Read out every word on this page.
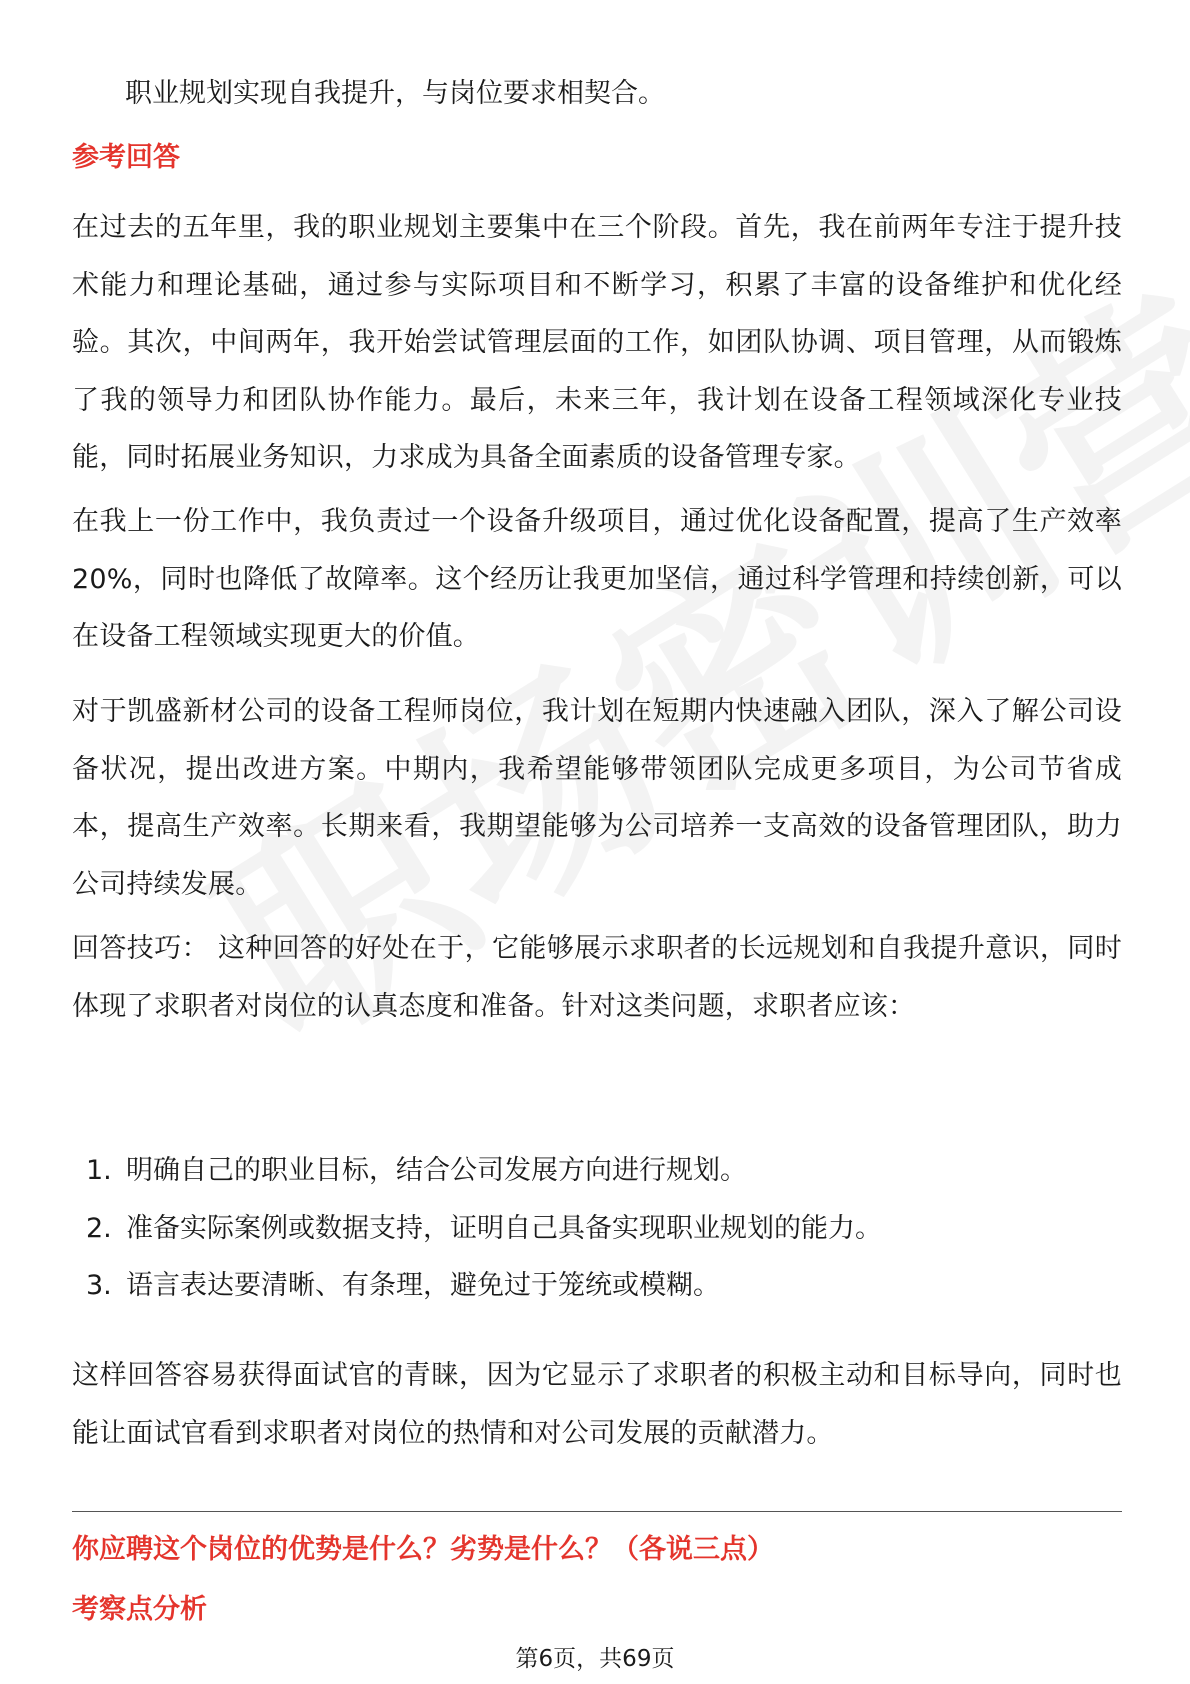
职业规划实现自我提升，与岗位要求相契合。
参考回答
在过去的五年里，我的职业规划主要集中在三个阶段。首先，我在前两年专注于提升技术能力和理论基础，通过参与实际项目和不断学习，积累了丰富的设备维护和优化经验。其次，中间两年，我开始尝试管理层面的工作，如团队协调、项目管理，从而锻炼了我的领导力和团队协作能力。最后，未来三年，我计划在设备工程领域深化专业技能，同时拓展业务知识，力求成为具备全面素质的设备管理专家。
在我上一份工作中，我负责过一个设备升级项目，通过优化设备配置，提高了生产效率20%，同时也降低了故障率。这个经历让我更加坚信，通过科学管理和持续创新，可以在设备工程领域实现更大的价值。
对于凯盛新材公司的设备工程师岗位，我计划在短期内快速融入团队，深入了解公司设备状况，提出改进方案。中期内，我希望能够带领团队完成更多项目，为公司节省成本，提高生产效率。长期来看，我期望能够为公司培养一支高效的设备管理团队，助力公司持续发展。
回答技巧： 这种回答的好处在于，它能够展示求职者的长远规划和自我提升意识，同时体现了求职者对岗位的认真态度和准备。针对这类问题，求职者应该：
1. 明确自己的职业目标，结合公司发展方向进行规划。
2. 准备实际案例或数据支持，证明自己具备实现职业规划的能力。
3. 语言表达要清晰、有条理，避免过于笼统或模糊。
这样回答容易获得面试官的青睐，因为它显示了求职者的积极主动和目标导向，同时也能让面试官看到求职者对岗位的热情和对公司发展的贡献潜力。
你应聘这个岗位的优势是什么？劣势是什么？（各说三点）
考察点分析
第6页，共69页
